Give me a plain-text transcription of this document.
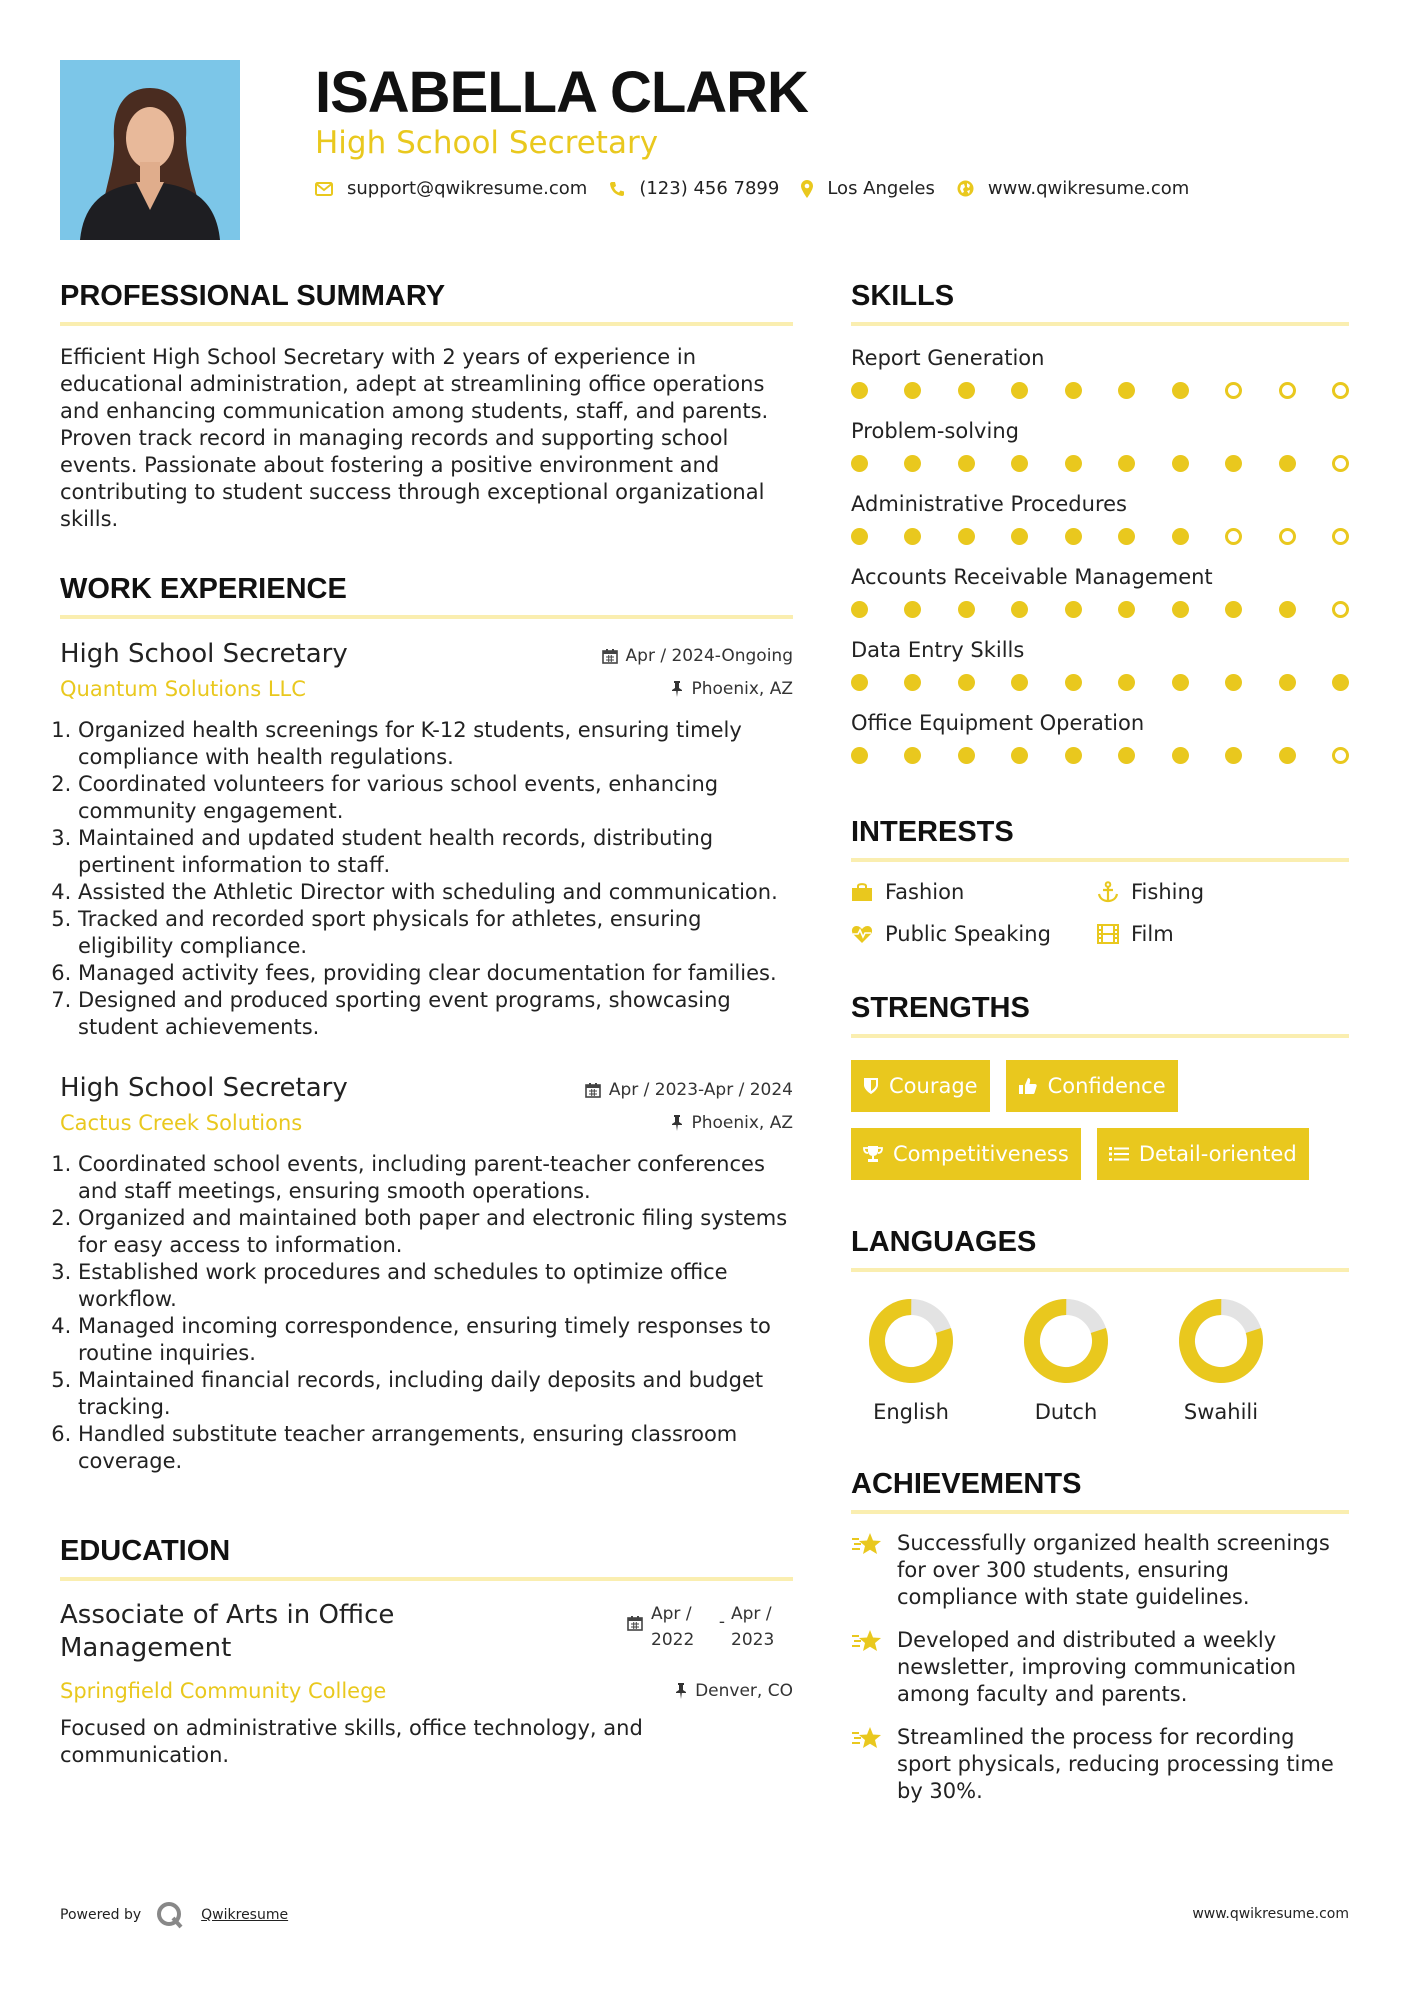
ISABELLA CLARK
High School Secretary
support@qwikresume.com	(123) 456 7899	Los Angeles	www.qwikresume.com
PROFESSIONAL SUMMARY

Efficient High School Secretary with 2 years of experience in educational administration, adept at streamlining office operations and enhancing communication among students, staff, and parents. Proven track record in managing records and supporting school events. Passionate about fostering a positive environment and contributing to student success through exceptional organizational skills.

WORK EXPERIENCE
High School Secretary	Apr / 2024-Ongoing
Quantum Solutions LLC	Phoenix, AZ
1. Organized health screenings for K-12 students, ensuring timely compliance with health regulations.
2. Coordinated volunteers for various school events, enhancing community engagement.
3. Maintained and updated student health records, distributing pertinent information to staff.
4. Assisted the Athletic Director with scheduling and communication.
5. Tracked and recorded sport physicals for athletes, ensuring eligibility compliance.
6. Managed activity fees, providing clear documentation for families.
7. Designed and produced sporting event programs, showcasing student achievements.
High School Secretary	Apr / 2023-Apr / 2024
Cactus Creek Solutions	Phoenix, AZ
1. Coordinated school events, including parent-teacher conferences and staff meetings, ensuring smooth operations.
2. Organized and maintained both paper and electronic filing systems for easy access to information.
3. Established work procedures and schedules to optimize office workflow.
4. Managed incoming correspondence, ensuring timely responses to routine inquiries.
5. Maintained financial records, including daily deposits and budget tracking.
6. Handled substitute teacher arrangements, ensuring classroom coverage.
EDUCATION
Associate of Arts in Office Management
Apr / 2022
- Apr / 2023
Springfield Community College	Denver, CO

Focused on administrative skills, office technology, and communication.

SKILLS
Report Generation
Problem-solving
Administrative Procedures
Accounts Receivable Management
Data Entry Skills
Office Equipment Operation
INTERESTS
Fashion	Fishing
Public Speaking	Film
STRENGTHS
Courage	Confidence
Competitiveness	Detail-oriented
LANGUAGES
English	Dutch	Swahili
ACHIEVEMENTS
Successfully organized health screenings for over 300 students, ensuring compliance with state guidelines.
Developed and distributed a weekly newsletter, improving communication among faculty and parents.
Streamlined the process for recording sport physicals, reducing processing time by 30%.
Powered by	Qwikresume	www.qwikresume.com
